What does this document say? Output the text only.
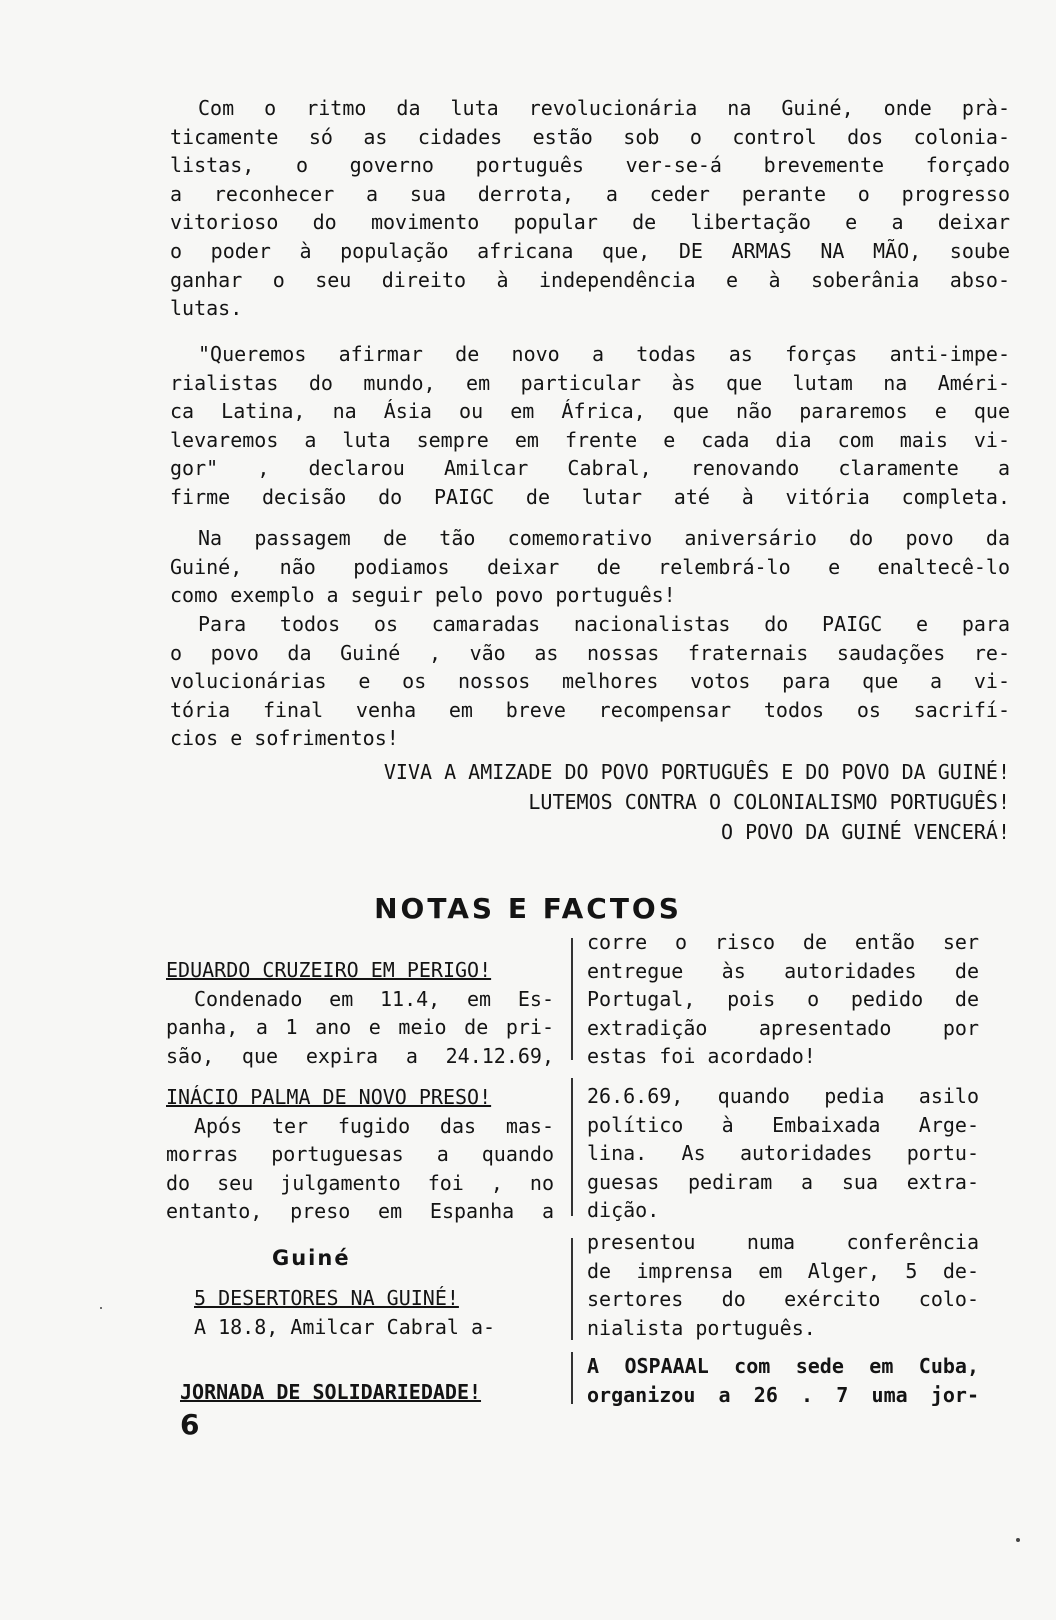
Com o ritmo da luta revolucionária na Guiné, onde prà-
ticamente só as cidades estão sob o control dos colonia-
listas, o governo português ver-se-á brevemente forçado
a reconhecer a sua derrota, a ceder perante o progresso
vitorioso do movimento popular de libertação e a deixar
o poder à população africana que, DE ARMAS NA MÃO, soube
ganhar o seu direito à independência e à soberânia abso-
lutas.
"Queremos afirmar de novo a todas as forças anti-impe-
rialistas do mundo, em particular às que lutam na Améri-
ca Latina, na Ásia ou em África, que não pararemos e que
levaremos a luta sempre em frente e cada dia com mais vi-
gor" , declarou Amilcar Cabral, renovando claramente a
firme decisão do PAIGC de lutar até à vitória completa.
Na passagem de tão comemorativo aniversário do povo da
Guiné, não podiamos deixar de relembrá-lo e enaltecê-lo
como exemplo a seguir pelo povo português!
Para todos os camaradas nacionalistas do PAIGC e para
o povo da Guiné , vão as nossas fraternais saudações re-
volucionárias e os nossos melhores votos para que a vi-
tória final venha em breve recompensar todos os sacrifí-
cios e sofrimentos!
VIVA A AMIZADE DO POVO PORTUGUÊS E DO POVO DA GUINÉ!
LUTEMOS CONTRA O COLONIALISMO PORTUGUÊS!
O POVO DA GUINÉ VENCERÁ!
NOTAS E FACTOS
EDUARDO CRUZEIRO EM PERIGO!
Condenado em 11.4, em Es-
panha, a 1 ano e meio de pri-
são, que expira a 24.12.69,
INÁCIO PALMA DE NOVO PRESO!
Após ter fugido das mas-
morras portuguesas a quando
do seu julgamento foi , no
entanto, preso em Espanha a
Guiné
5 DESERTORES NA GUINÉ!
A 18.8, Amilcar Cabral a-
JORNADA DE SOLIDARIEDADE!
corre o risco de então ser
entregue às autoridades de
Portugal, pois o pedido de
extradição apresentado por
estas foi acordado!
26.6.69, quando pedia asilo
político à Embaixada Arge-
lina. As autoridades portu-
guesas pediram a sua extra-
dição.
presentou numa conferência
de imprensa em Alger, 5 de-
sertores do exército colo-
nialista português.
A OSPAAAL com sede em Cuba,
organizou a 26 . 7 uma jor-
6
